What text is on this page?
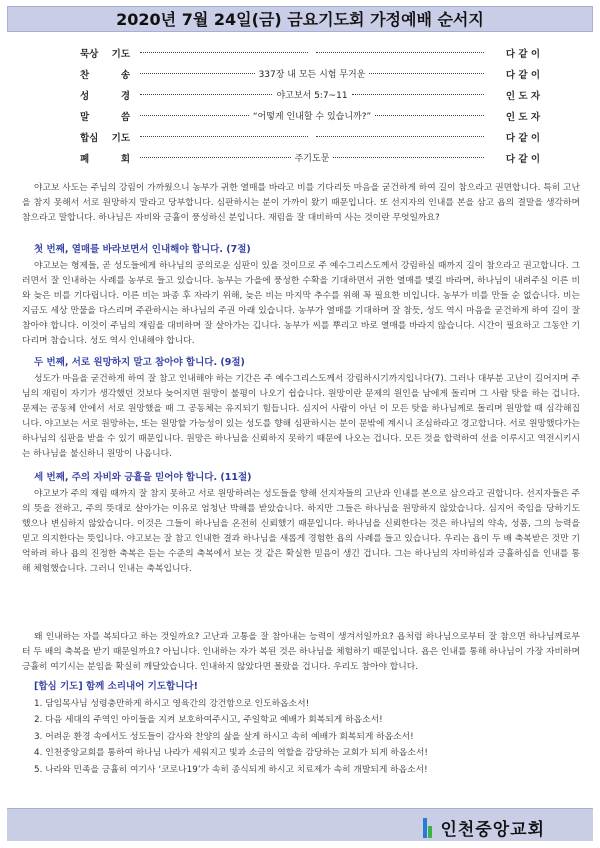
2020년 7월 24일(금) 금요기도회 가정예배 순서지
묵상 기도	다 같 이
찬 송	337장 내 모든 시험 무거운	다 같 이
성 경	야고보서 5:7~11	인 도 자
말 씀	“어떻게 인내할 수 있습니까?”	인 도 자
합심 기도	다 같 이
폐 회	주기도문	다 같 이

야고보 사도는 주님의 강림이 가까웠으니 농부가 귀한 열매를 바라고 비를 기다리듯 마음을 굳건하게 하여 길이 참으라고 권면합니다. 특히 고난을 참지 못해서 서로 원망하지 말라고 당부합니다. 심판하시는 분이 가까이 왔기 때문입니다. 또 선지자의 인내를 본을 삼고 욥의 결말을 생각하며 참으라고 말합니다. 하나님은 자비와 긍휼이 풍성하신 분입니다. 재림을 잘 대비하여 사는 것이란 무엇일까요?

첫 번째, 열매를 바라보면서 인내해야 합니다. (7절)

야고보는 형제들, 곧 성도들에게 하나님의 공의로운 심판이 있을 것이므로 주 예수그리스도께서 강림하실 때까지 길이 참으라고 권고합니다. 그러면서 잘 인내하는 사례를 농부로 들고 있습니다. 농부는 가을에 풍성한 수확을 기대하면서 귀한 열매를 맺길 바라며, 하나님이 내려주실 이른 비와 늦은 비를 기다립니다. 이른 비는 파종 후 자라기 위해, 늦은 비는 마지막 추수를 위해 꼭 필요한 비입니다. 농부가 비를 만들 순 없습니다. 비는 지금도 세상 만물을 다스리며 주관하시는 하나님의 주권 아래 있습니다. 농부가 열매를 기대하며 잘 참듯, 성도 역시 마음을 굳건하게 하여 길이 잘 참아야 합니다. 이것이 주님의 재림을 대비하며 잘 살아가는 깁니다. 농부가 씨를 뿌리고 바로 열매를 바라지 않습니다. 시간이 필요하고 그동안 기다리며 참습니다. 성도 역시 인내해야 합니다.

두 번째, 서로 원망하지 말고 참아야 합니다. (9절)

성도가 마음을 굳건하게 하여 잘 참고 인내해야 하는 기간은 주 예수그리스도께서 강림하시기까지입니다(7). 그러나 대부분 고난이 길어지며 주님의 재림이 자기가 생각했던 것보다 늦어지면 원망이 불평이 나오기 쉽습니다. 원망이란 문제의 원인을 남에게 돌리며 그 사람 탓을 하는 겁니다. 문제는 공동체 안에서 서로 원망했을 때 그 공동체는 유지되기 힘듭니다. 심지어 사람이 아닌 이 모든 탓을 하나님께로 돌리며 원망할 때 심각해집니다. 야고보는 서로 원망하는, 또는 원망할 가능성이 있는 성도를 향해 심판하시는 분이 문밖에 계시니 조심하라고 경고합니다. 서로 원망했다가는 하나님의 심판을 받을 수 있기 때문입니다. 원망은 하나님을 신뢰하지 못하기 때문에 나오는 겁니다. 모든 것을 합력하여 선을 이루시고 역전시키시는 하나님을 불신하니 원망이 나옵니다.

세 번째, 주의 자비와 긍휼을 믿어야 합니다. (11절)

야고보가 주의 재림 때까지 잘 참지 못하고 서로 원망하려는 성도들을 향해 선지자들의 고난과 인내를 본으로 삼으라고 권합니다. 선지자들은 주의 뜻을 전하고, 주의 뜻대로 살아가는 이유로 엄청난 박해를 받았습니다. 하지만 그들은 하나님을 원망하지 않았습니다. 심지어 죽임을 당하기도 했으나 변심하지 않았습니다. 이것은 그들이 하나님을 온전히 신뢰했기 때문입니다. 하나님을 신뢰한다는 것은 하나님의 약속, 성품, 그의 능력을 믿고 의지한다는 뜻입니다. 야고보는 잘 참고 인내한 결과 하나님을 새롭게 경험한 욥의 사례를 들고 있습니다. 우리는 욥이 두 배 축복받은 것만 기억하려 하나 욥의 진정한 축복은 듣는 수준의 축복에서 보는 것 같은 확실한 믿음이 생긴 겁니다. 그는 하나님의 자비하심과 긍휼하심을 인내를 통해 체험했습니다. 그러니 인내는 축복입니다.

왜 인내하는 자를 복되다고 하는 것일까요? 고난과 고통을 잘 참아내는 능력이 생겨서일까요? 욥처럼 하나님으로부터 잘 참으면 하나님께로부터 두 배의 축복을 받기 때문일까요? 아닙니다. 인내하는 자가 복된 것은 하나님을 체험하기 때문입니다. 욥은 인내를 통해 하나님이 가장 자비하며 긍휼히 여기시는 분임을 확실히 깨달았습니다. 인내하지 않았다면 몰랐을 겁니다. 우리도 참아야 합니다.

[합심 기도] 함께 소리내어 기도합니다!
1. 담임목사님 성령충만하게 하시고 영육간의 강건함으로 인도하옵소서!
2. 다음 세대의 주역인 아이들을 지켜 보호하여주시고, 주일학교 예배가 회복되게 하옵소서!
3. 어려운 환경 속에서도 성도들이 감사와 찬양의 삶을 살게 하시고 속히 예배가 회복되게 하옵소서!
4. 인천중앙교회를 통하여 하나님 나라가 세워지고 빛과 소금의 역할을 감당하는 교회가 되게 하옵소서!
5. 나라와 민족을 긍휼히 여기사 ‘코로나19’가 속히 종식되게 하시고 치료제가 속히 개발되게 하옵소서!
인천중앙교회
